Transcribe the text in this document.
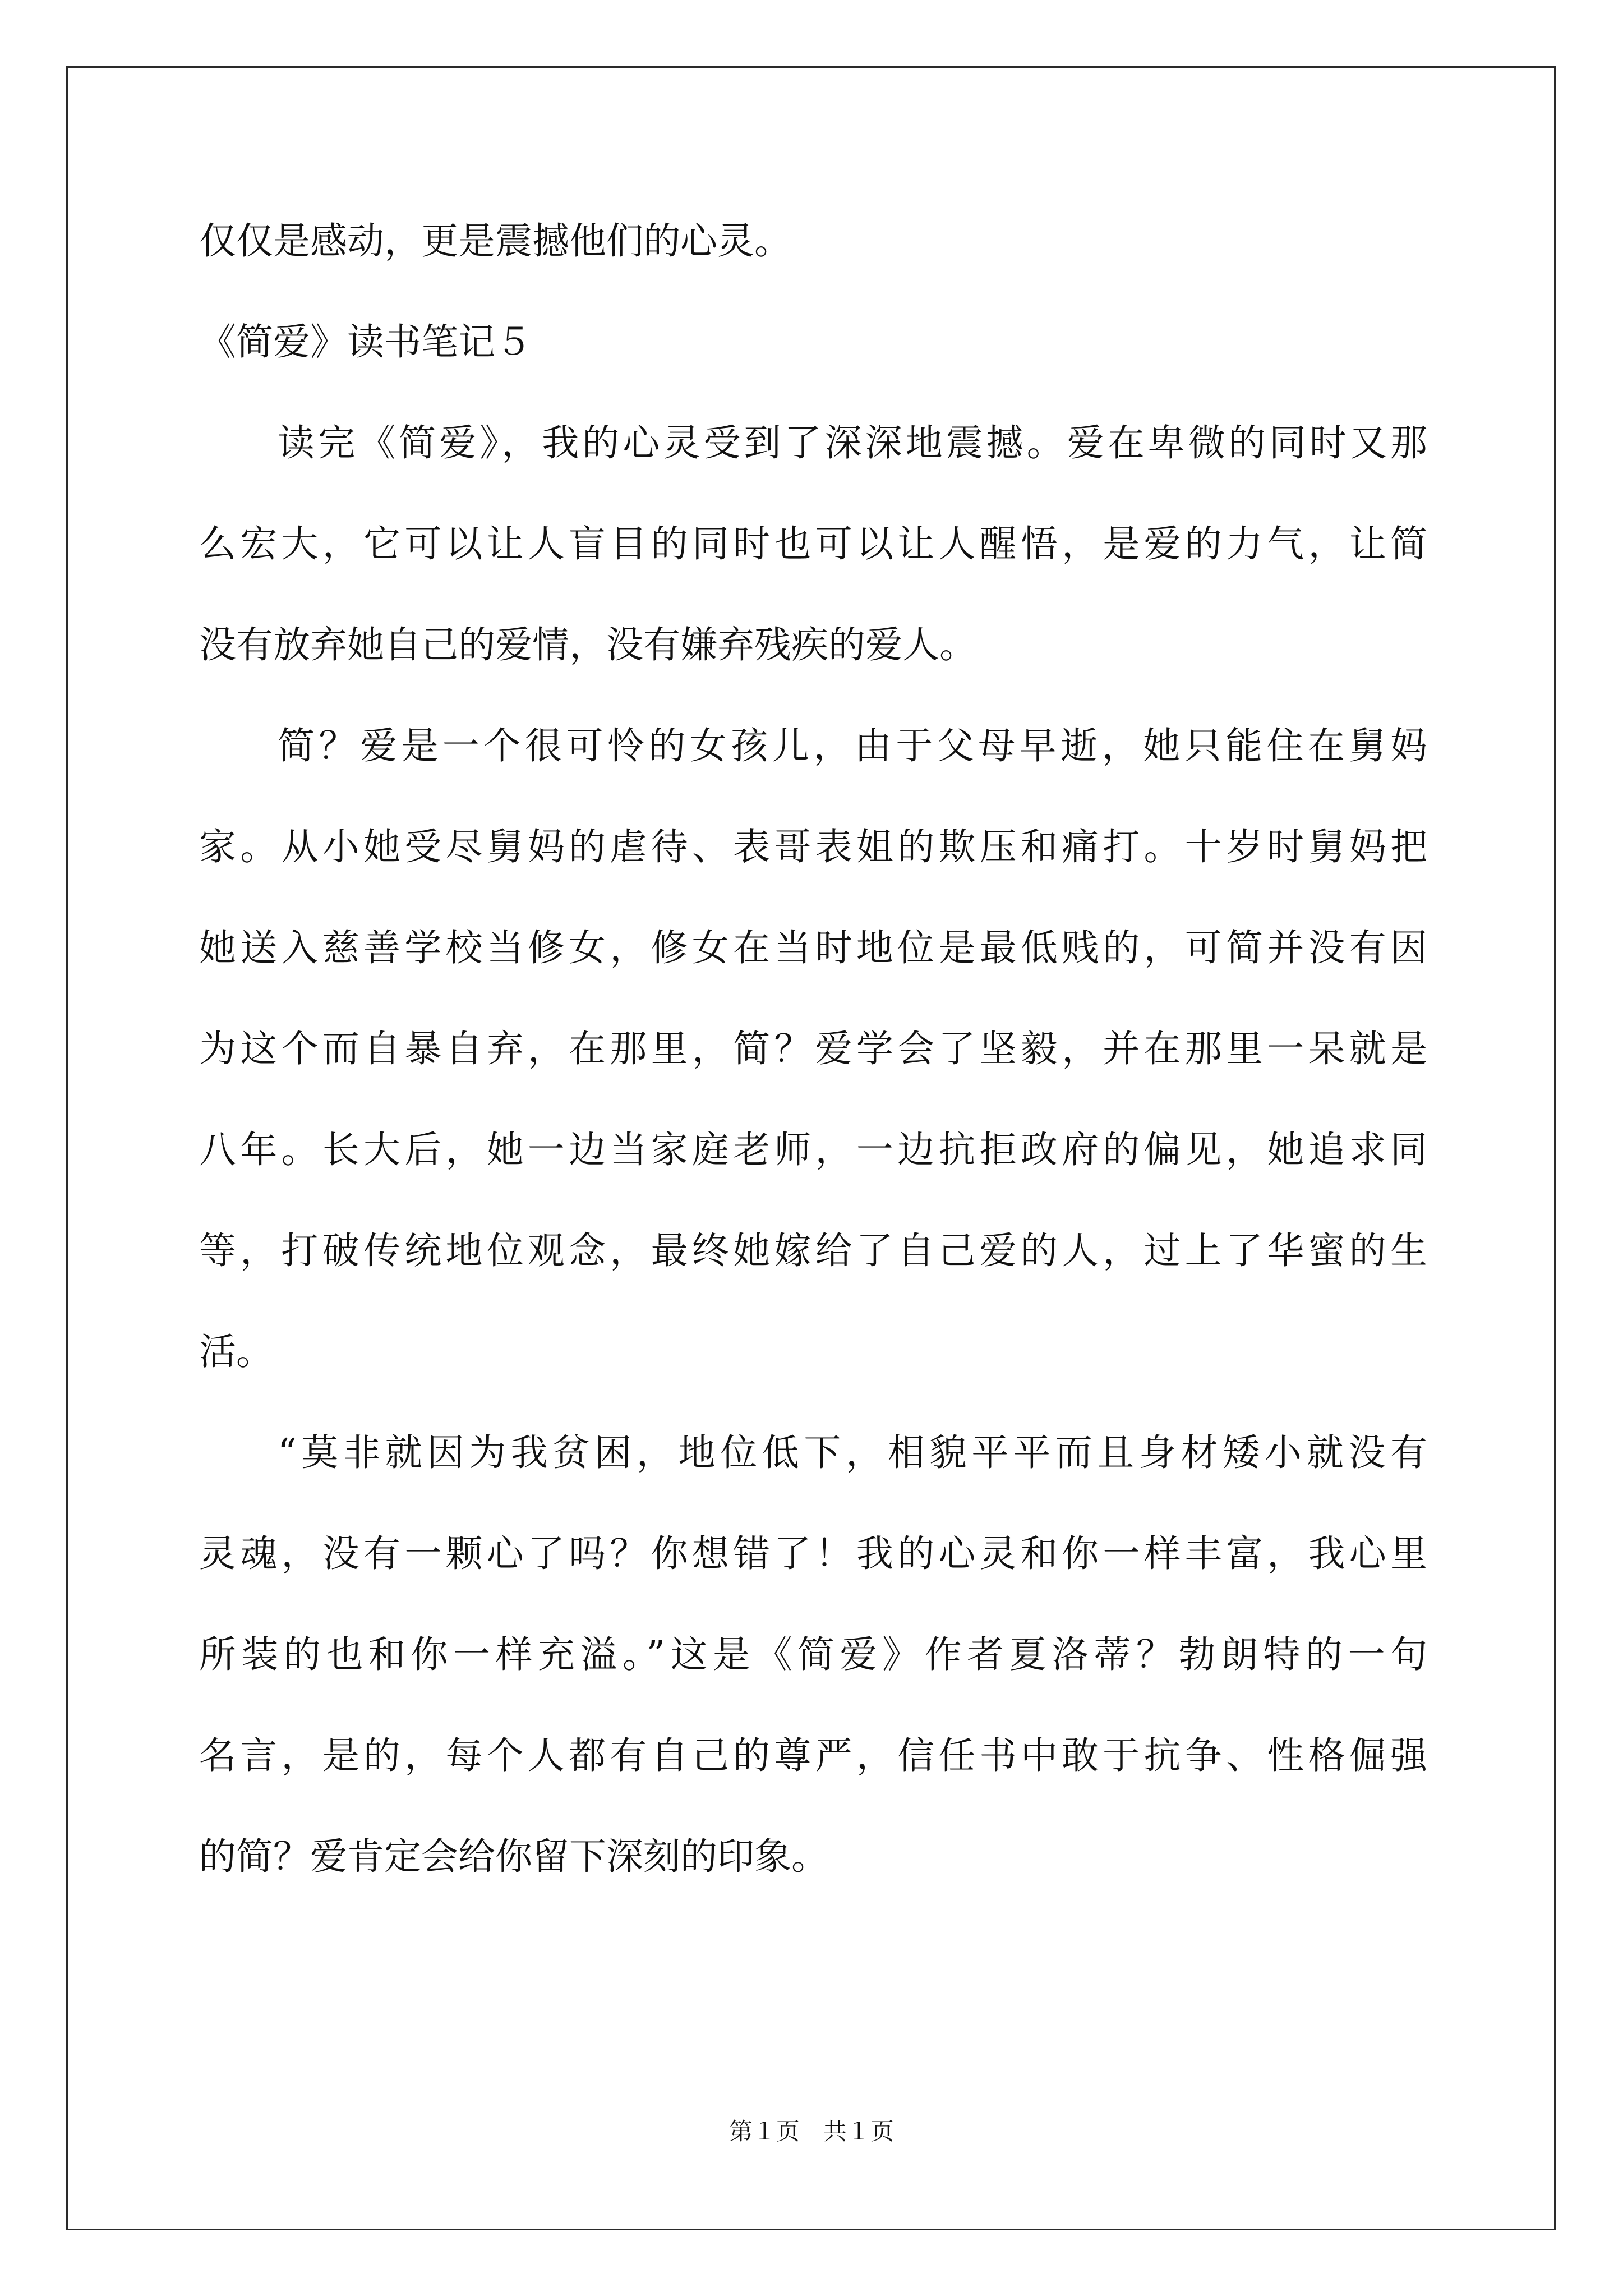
仅仅是感动，更是震撼他们的心灵。
《简爱》读书笔记５
读完《简爱》，我的心灵受到了深深地震撼。爱在卑微的同时又那
么宏大，它可以让人盲目的同时也可以让人醒悟，是爱的力气，让简
没有放弃她自己的爱情，没有嫌弃残疾的爱人。
简？爱是一个很可怜的女孩儿，由于父母早逝，她只能住在舅妈
家。从小她受尽舅妈的虐待、表哥表姐的欺压和痛打。十岁时舅妈把
她送入慈善学校当修女，修女在当时地位是最低贱的，可简并没有因
为这个而自暴自弃，在那里，简？爱学会了坚毅，并在那里一呆就是
八年。长大后，她一边当家庭老师，一边抗拒政府的偏见，她追求同
等，打破传统地位观念，最终她嫁给了自己爱的人，过上了华蜜的生
活。
“莫非就因为我贫困，地位低下，相貌平平而且身材矮小就没有
灵魂，没有一颗心了吗？你想错了！我的心灵和你一样丰富，我心里
所装的也和你一样充溢。”这是《简爱》作者夏洛蒂？勃朗特的一句
名言，是的，每个人都有自己的尊严，信任书中敢于抗争、性格倔强
的简？爱肯定会给你留下深刻的印象。
第１页　共１页
